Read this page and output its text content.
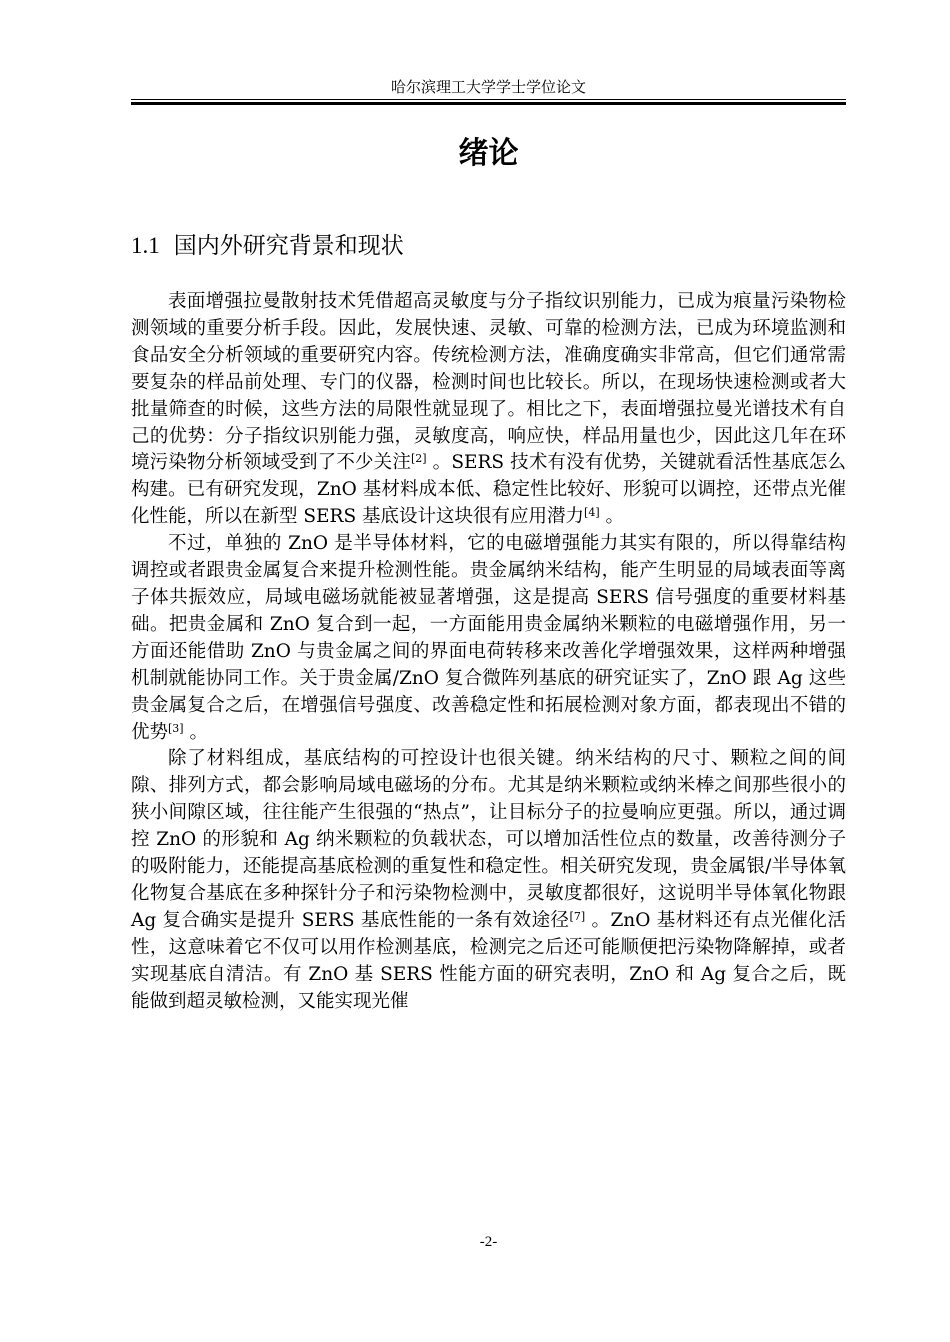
哈尔滨理工大学学士学位论文
绪论
1.1 国内外研究背景和现状

表面增强拉曼散射技术凭借超高灵敏度与分子指纹识别能力，已成为痕量污染物检测领域的重要分析手段。因此，发展快速、灵敏、可靠的检测方法，已成为环境监测和食品安全分析领域的重要研究内容。传统检测方法，准确度确实非常高，但它们通常需要复杂的样品前处理、专门的仪器，检测时间也比较长。所以，在现场快速检测或者大批量筛查的时候，这些方法的局限性就显现了。相比之下，表面增强拉曼光谱技术有自己的优势：分子指纹识别能力强，灵敏度高，响应快，样品用量也少，因此这几年在环境污染物分析领域受到了不少关注[2] 。SERS 技术有没有优势，关键就看活性基底怎么构建。已有研究发现，ZnO 基材料成本低、稳定性比较好、形貌可以调控，还带点光催化性能，所以在新型 SERS 基底设计这块很有应用潜力[4] 。

不过，单独的 ZnO 是半导体材料，它的电磁增强能力其实有限的，所以得靠结构调控或者跟贵金属复合来提升检测性能。贵金属纳米结构，能产生明显的局域表面等离子体共振效应，局域电磁场就能被显著增强，这是提高 SERS 信号强度的重要材料基础。把贵金属和 ZnO 复合到一起，一方面能用贵金属纳米颗粒的电磁增强作用，另一方面还能借助 ZnO 与贵金属之间的界面电荷转移来改善化学增强效果，这样两种增强机制就能协同工作。关于贵金属/ZnO 复合微阵列基底的研究证实了，ZnO 跟 Ag 这些贵金属复合之后，在增强信号强度、改善稳定性和拓展检测对象方面，都表现出不错的优势[3] 。

除了材料组成，基底结构的可控设计也很关键。纳米结构的尺寸、颗粒之间的间隙、排列方式，都会影响局域电磁场的分布。尤其是纳米颗粒或纳米棒之间那些很小的狭小间隙区域，往往能产生很强的“热点”，让目标分子的拉曼响应更强。所以，通过调控 ZnO 的形貌和 Ag 纳米颗粒的负载状态，可以增加活性位点的数量，改善待测分子的吸附能力，还能提高基底检测的重复性和稳定性。相关研究发现，贵金属银/半导体氧化物复合基底在多种探针分子和污染物检测中，灵敏度都很好，这说明半导体氧化物跟 Ag 复合确实是提升 SERS 基底性能的一条有效途径[7] 。ZnO 基材料还有点光催化活性，这意味着它不仅可以用作检测基底，检测完之后还可能顺便把污染物降解掉，或者实现基底自清洁。有 ZnO 基 SERS 性能方面的研究表明，ZnO 和 Ag 复合之后，既能做到超灵敏检测，又能实现光催

-2-
